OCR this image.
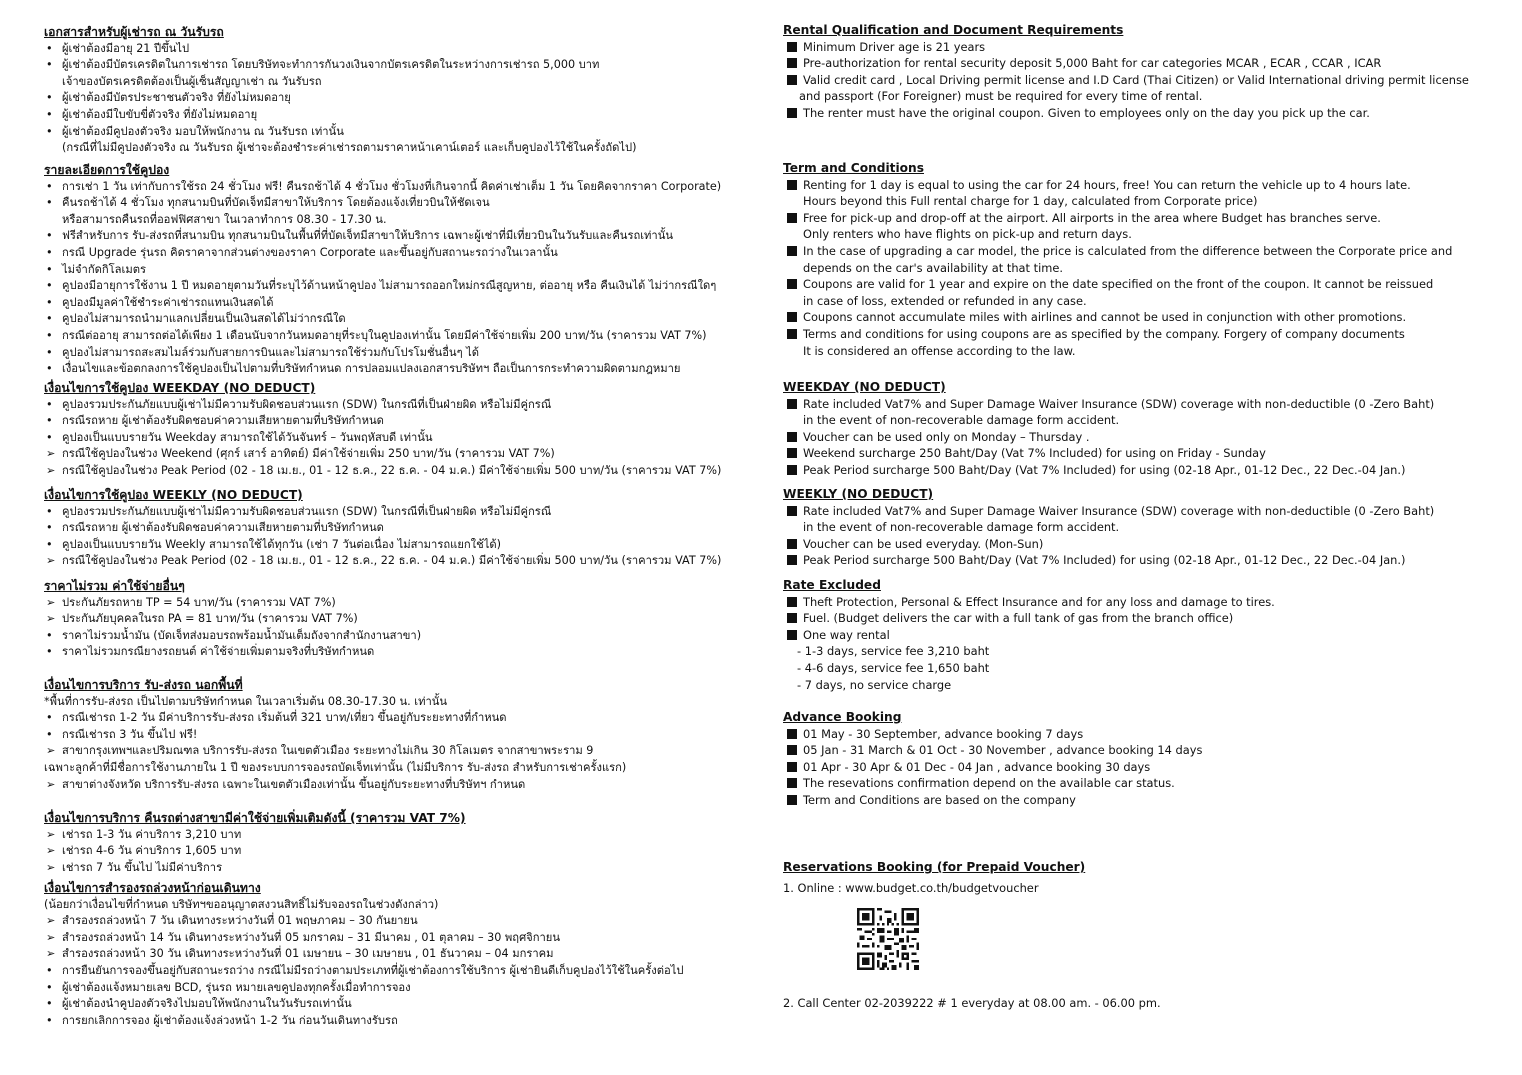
เอกสารสำหรับผู้เช่ารถ ณ วันรับรถ
• ผู้เช่าต้องมีอายุ 21 ปีขึ้นไป
• ผู้เช่าต้องมีบัตรเครดิตในการเช่ารถ โดยบริษัทจะทำการกันวงเงินจากบัตรเครดิตในระหว่างการเช่ารถ 5,000 บาท
เจ้าของบัตรเครดิตต้องเป็นผู้เซ็นสัญญาเช่า ณ วันรับรถ
• ผู้เช่าต้องมีบัตรประชาชนตัวจริง ที่ยังไม่หมดอายุ
• ผู้เช่าต้องมีใบขับขี่ตัวจริง ที่ยังไม่หมดอายุ
• ผู้เช่าต้องมีคูปองตัวจริง มอบให้พนักงาน ณ วันรับรถ เท่านั้น
(กรณีที่ไม่มีคูปองตัวจริง ณ วันรับรถ ผู้เช่าจะต้องชำระค่าเช่ารถตามราคาหน้าเคาน์เตอร์ และเก็บคูปองไว้ใช้ในครั้งถัดไป)
รายละเอียดการใช้คูปอง
• การเช่า 1 วัน เท่ากับการใช้รถ 24 ชั่วโมง ฟรี! คืนรถช้าได้ 4 ชั่วโมง ชั่วโมงที่เกินจากนี้ คิดค่าเช่าเต็ม 1 วัน โดยคิดจากราคา Corporate)
• คืนรถช้าได้ 4 ชั่วโมง ทุกสนามบินที่บัดเจ็ทมีสาขาให้บริการ โดยต้องแจ้งเที่ยวบินให้ชัดเจน
หรือสามารถคืนรถที่ออฟฟิศสาขา ในเวลาทำการ 08.30 - 17.30 น.
• ฟรีสำหรับการ รับ-ส่งรถที่สนามบิน ทุกสนามบินในพื้นที่ที่บัดเจ็ทมีสาขาให้บริการ เฉพาะผู้เช่าที่มีเที่ยวบินในวันรับและคืนรถเท่านั้น
• กรณี Upgrade รุ่นรถ คิดราคาจากส่วนต่างของราคา Corporate และขึ้นอยู่กับสถานะรถว่างในเวลานั้น
• ไม่จำกัดกิโลเมตร
• คูปองมีอายุการใช้งาน 1 ปี หมดอายุตามวันที่ระบุไว้ด้านหน้าคูปอง ไม่สามารถออกใหม่กรณีสูญหาย, ต่ออายุ หรือ คืนเงินได้ ไม่ว่ากรณีใดๆ
• คูปองมีมูลค่าใช้ชำระค่าเช่ารถแทนเงินสดได้
• คูปองไม่สามารถนำมาแลกเปลี่ยนเป็นเงินสดได้ไม่ว่ากรณีใด
• กรณีต่ออายุ สามารถต่อได้เพียง 1 เดือนนับจากวันหมดอายุที่ระบุในคูปองเท่านั้น โดยมีค่าใช้จ่ายเพิ่ม 200 บาท/วัน (ราคารวม VAT 7%)
• คูปองไม่สามารถสะสมไมล์ร่วมกับสายการบินและไม่สามารถใช้ร่วมกับโปรโมชั่นอื่นๆ ได้
• เงื่อนไขและข้อตกลงการใช้คูปองเป็นไปตามที่บริษัทกำหนด การปลอมแปลงเอกสารบริษัทฯ ถือเป็นการกระทำความผิดตามกฎหมาย
เงื่อนไขการใช้คูปอง WEEKDAY (NO DEDUCT)
• คูปองรวมประกันภัยแบบผู้เช่าไม่มีความรับผิดชอบส่วนแรก (SDW) ในกรณีที่เป็นฝ่ายผิด หรือไม่มีคู่กรณี
• กรณีรถหาย ผู้เช่าต้องรับผิดชอบค่าความเสียหายตามที่บริษัทกำหนด
• คูปองเป็นแบบรายวัน Weekday สามารถใช้ได้วันจันทร์ – วันพฤหัสบดี เท่านั้น
➢ กรณีใช้คูปองในช่วง Weekend (ศุกร์ เสาร์ อาทิตย์) มีค่าใช้จ่ายเพิ่ม 250 บาท/วัน (ราคารวม VAT 7%)
➢ กรณีใช้คูปองในช่วง Peak Period (02 - 18 เม.ย., 01 - 12 ธ.ค., 22 ธ.ค. - 04 ม.ค.) มีค่าใช้จ่ายเพิ่ม 500 บาท/วัน (ราคารวม VAT 7%)
เงื่อนไขการใช้คูปอง WEEKLY (NO DEDUCT)
• คูปองรวมประกันภัยแบบผู้เช่าไม่มีความรับผิดชอบส่วนแรก (SDW) ในกรณีที่เป็นฝ่ายผิด หรือไม่มีคู่กรณี
• กรณีรถหาย ผู้เช่าต้องรับผิดชอบค่าความเสียหายตามที่บริษัทกำหนด
• คูปองเป็นแบบรายวัน Weekly สามารถใช้ได้ทุกวัน (เช่า 7 วันต่อเนื่อง ไม่สามารถแยกใช้ได้)
➢ กรณีใช้คูปองในช่วง Peak Period (02 - 18 เม.ย., 01 - 12 ธ.ค., 22 ธ.ค. - 04 ม.ค.) มีค่าใช้จ่ายเพิ่ม 500 บาท/วัน (ราคารวม VAT 7%)
ราคาไม่รวม ค่าใช้จ่ายอื่นๆ
➢ ประกันภัยรถหาย TP = 54 บาท/วัน (ราคารวม VAT 7%)
➢ ประกันภัยบุคคลในรถ PA = 81 บาท/วัน (ราคารวม VAT 7%)
• ราคาไม่รวมน้ำมัน (บัดเจ็ทส่งมอบรถพร้อมน้ำมันเต็มถังจากสำนักงานสาขา)
• ราคาไม่รวมกรณียางรถยนต์ ค่าใช้จ่ายเพิ่มตามจริงที่บริษัทกำหนด
เงื่อนไขการบริการ รับ-ส่งรถ นอกพื้นที่
*พื้นที่การรับ-ส่งรถ เป็นไปตามบริษัทกำหนด ในเวลาเริ่มต้น 08.30-17.30 น. เท่านั้น
• กรณีเช่ารถ 1-2 วัน มีค่าบริการรับ-ส่งรถ เริ่มต้นที่ 321 บาท/เที่ยว ขึ้นอยู่กับระยะทางที่กำหนด
• กรณีเช่ารถ 3 วัน ขึ้นไป ฟรี!
➢ สาขากรุงเทพฯและปริมณฑล บริการรับ-ส่งรถ ในเขตตัวเมือง ระยะทางไม่เกิน 30 กิโลเมตร จากสาขาพระราม 9
เฉพาะลูกค้าที่มีชื่อการใช้งานภายใน 1 ปี ของระบบการจองรถบัดเจ็ทเท่านั้น (ไม่มีบริการ รับ-ส่งรถ สำหรับการเช่าครั้งแรก)
➢ สาขาต่างจังหวัด บริการรับ-ส่งรถ เฉพาะในเขตตัวเมืองเท่านั้น ขึ้นอยู่กับระยะทางที่บริษัทฯ กำหนด
เงื่อนไขการบริการ คืนรถต่างสาขามีค่าใช้จ่ายเพิ่มเติมดังนี้ (ราคารวม VAT 7%)
➢ เช่ารถ 1-3 วัน ค่าบริการ 3,210 บาท
➢ เช่ารถ 4-6 วัน ค่าบริการ 1,605 บาท
➢ เช่ารถ 7 วัน ขึ้นไป ไม่มีค่าบริการ
เงื่อนไขการสำรองรถล่วงหน้าก่อนเดินทาง
(น้อยกว่าเงื่อนไขที่กำหนด บริษัทฯขออนุญาตสงวนสิทธิ์ไม่รับจองรถในช่วงดังกล่าว)
➢ สำรองรถล่วงหน้า 7 วัน เดินทางระหว่างวันที่ 01 พฤษภาคม – 30 กันยายน
➢ สำรองรถล่วงหน้า 14 วัน เดินทางระหว่างวันที่ 05 มกราคม – 31 มีนาคม , 01 ตุลาคม – 30 พฤศจิกายน
➢ สำรองรถล่วงหน้า 30 วัน เดินทางระหว่างวันที่ 01 เมษายน – 30 เมษายน , 01 ธันวาคม – 04 มกราคม
• การยืนยันการจองขึ้นอยู่กับสถานะรถว่าง กรณีไม่มีรถว่างตามประเภทที่ผู้เช่าต้องการใช้บริการ ผู้เช่ายินดีเก็บคูปองไว้ใช้ในครั้งต่อไป
• ผู้เช่าต้องแจ้งหมายเลข BCD, รุ่นรถ หมายเลขคูปองทุกครั้งเมื่อทำการจอง
• ผู้เช่าต้องนำคูปองตัวจริงไปมอบให้พนักงานในวันรับรถเท่านั้น
• การยกเลิกการจอง ผู้เช่าต้องแจ้งล่วงหน้า 1-2 วัน ก่อนวันเดินทางรับรถ
Rental Qualification and Document Requirements
Minimum Driver age is 21 years
Pre-authorization for rental security deposit 5,000 Baht for car categories MCAR , ECAR , CCAR , ICAR
Valid credit card , Local Driving permit license and I.D Card (Thai Citizen) or Valid International driving permit license
and passport (For Foreigner) must be required for every time of rental.
The renter must have the original coupon. Given to employees only on the day you pick up the car.
Term and Conditions
Renting for 1 day is equal to using the car for 24 hours, free! You can return the vehicle up to 4 hours late.
Hours beyond this Full rental charge for 1 day, calculated from Corporate price)
Free for pick-up and drop-off at the airport. All airports in the area where Budget has branches serve.
Only renters who have flights on pick-up and return days.
In the case of upgrading a car model, the price is calculated from the difference between the Corporate price and
depends on the car's availability at that time.
Coupons are valid for 1 year and expire on the date specified on the front of the coupon. It cannot be reissued
in case of loss, extended or refunded in any case.
Coupons cannot accumulate miles with airlines and cannot be used in conjunction with other promotions.
Terms and conditions for using coupons are as specified by the company. Forgery of company documents
It is considered an offense according to the law.
WEEKDAY (NO DEDUCT)
Rate included Vat7% and Super Damage Waiver Insurance (SDW) coverage with non-deductible (0 -Zero Baht)
in the event of non-recoverable damage form accident.
Voucher can be used only on Monday – Thursday .
Weekend surcharge 250 Baht/Day (Vat 7% Included) for using on Friday - Sunday
Peak Period surcharge 500 Baht/Day (Vat 7% Included) for using (02-18 Apr., 01-12 Dec., 22 Dec.-04 Jan.)
WEEKLY (NO DEDUCT)
Rate included Vat7% and Super Damage Waiver Insurance (SDW) coverage with non-deductible (0 -Zero Baht)
in the event of non-recoverable damage form accident.
Voucher can be used everyday. (Mon-Sun)
Peak Period surcharge 500 Baht/Day (Vat 7% Included) for using (02-18 Apr., 01-12 Dec., 22 Dec.-04 Jan.)
Rate Excluded
Theft Protection, Personal & Effect Insurance and for any loss and damage to tires.
Fuel. (Budget delivers the car with a full tank of gas from the branch office)
One way rental
- 1-3 days, service fee 3,210 baht
- 4-6 days, service fee 1,650 baht
- 7 days, no service charge
Advance Booking
01 May - 30 September, advance booking 7 days
05 Jan - 31 March & 01 Oct - 30 November , advance booking 14 days
01 Apr - 30 Apr & 01 Dec - 04 Jan , advance booking 30 days
The resevations confirmation depend on the available car status.
Term and Conditions are based on the company
Reservations Booking (for Prepaid Voucher)
1. Online : www.budget.co.th/budgetvoucher
2. Call Center 02-2039222 # 1 everyday at 08.00 am. - 06.00 pm.
